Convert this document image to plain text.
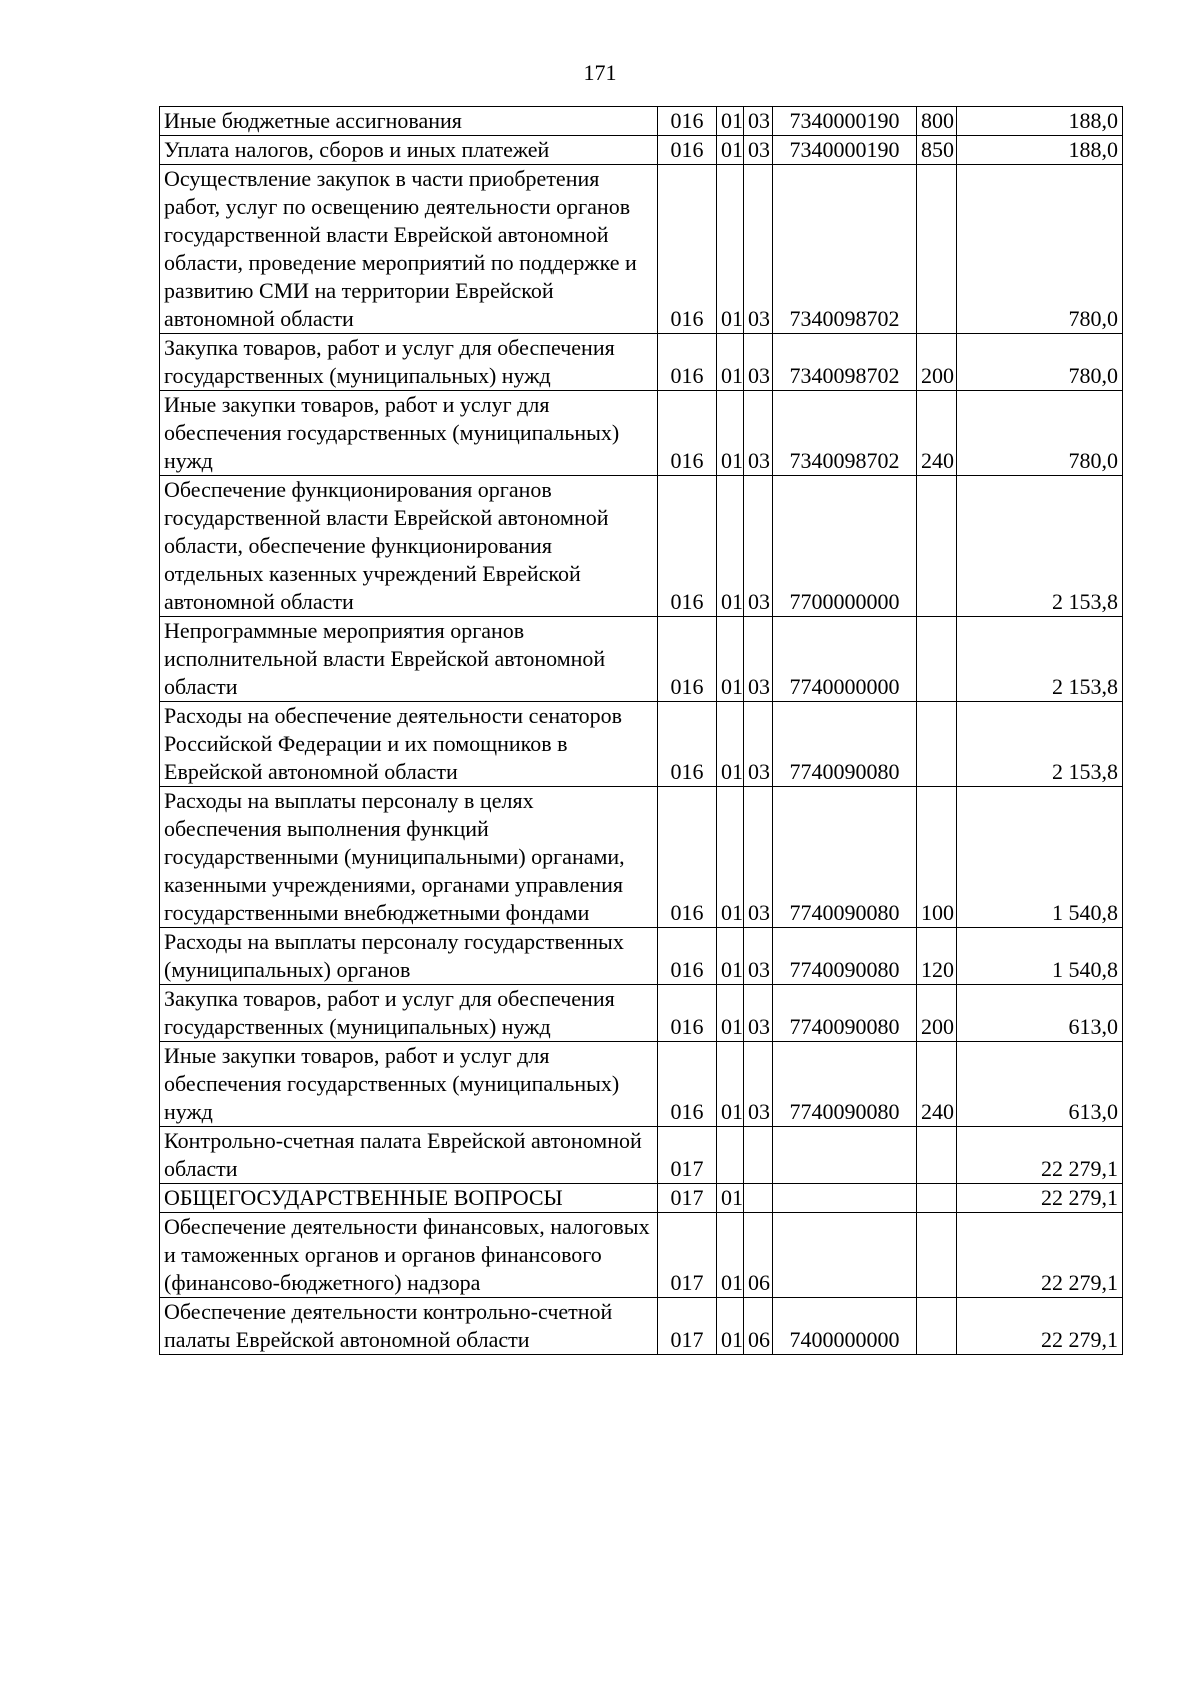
171
Иные бюджетные ассигнования	016	01	03	7340000190	800	188,0
Уплата налогов, сборов и иных платежей	016	01	03	7340000190	850	188,0
Осуществление закупок в части приобретения работ, услуг по освещению деятельности органов государственной власти Еврейской автономной области, проведение мероприятий по поддержке и развитию СМИ на территории Еврейской автономной области	016	01	03	7340098702		780,0
Закупка товаров, работ и услуг для обеспечения государственных (муниципальных) нужд	016	01	03	7340098702	200	780,0
Иные закупки товаров, работ и услуг для обеспечения государственных (муниципальных) нужд	016	01	03	7340098702	240	780,0
Обеспечение функционирования органов государственной власти Еврейской автономной области, обеспечение функционирования отдельных казенных учреждений Еврейской автономной области	016	01	03	7700000000		2 153,8
Непрограммные мероприятия органов исполнительной власти Еврейской автономной области	016	01	03	7740000000		2 153,8
Расходы на обеспечение деятельности сенаторов Российской Федерации и их помощников в Еврейской автономной области	016	01	03	7740090080		2 153,8
Расходы на выплаты персоналу в целях обеспечения выполнения функций государственными (муниципальными) органами, казенными учреждениями, органами управления государственными внебюджетными фондами	016	01	03	7740090080	100	1 540,8
Расходы на выплаты персоналу государственных (муниципальных) органов	016	01	03	7740090080	120	1 540,8
Закупка товаров, работ и услуг для обеспечения государственных (муниципальных) нужд	016	01	03	7740090080	200	613,0
Иные закупки товаров, работ и услуг для обеспечения государственных (муниципальных) нужд	016	01	03	7740090080	240	613,0
Контрольно-счетная палата Еврейской автономной области	017					22 279,1
ОБЩЕГОСУДАРСТВЕННЫЕ ВОПРОСЫ	017	01				22 279,1
Обеспечение деятельности финансовых, налоговых и таможенных органов и органов финансового (финансово-бюджетного) надзора	017	01	06			22 279,1
Обеспечение деятельности контрольно-счетной палаты Еврейской автономной области	017	01	06	7400000000		22 279,1
